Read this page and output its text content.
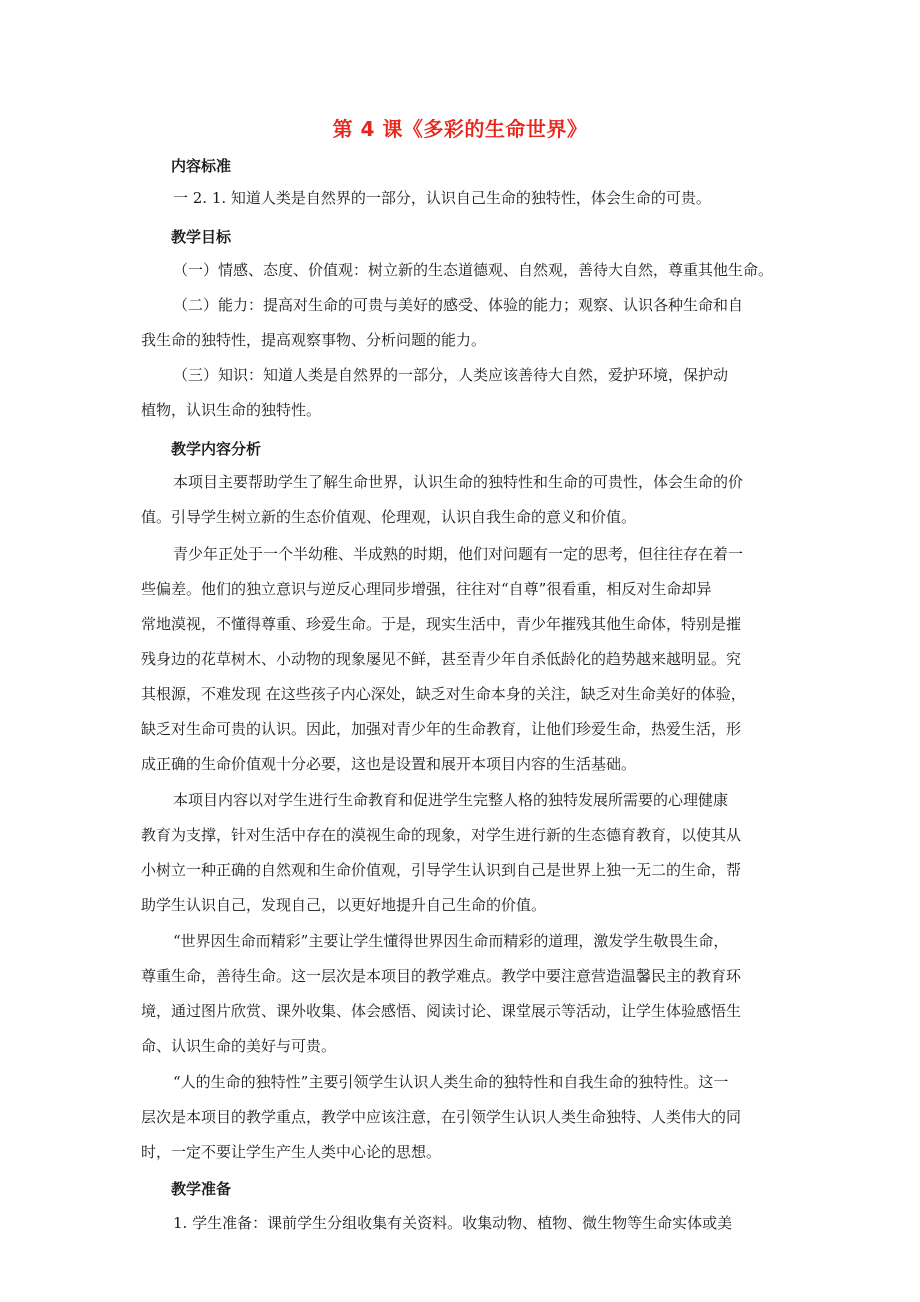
第 4 课《多彩的生命世界》
内容标准
一 2. 1. 知道人类是自然界的一部分，认识自己生命的独特性，体会生命的可贵。
教学目标
（一）情感、态度、价值观：树立新的生态道德观、自然观，善待大自然，尊重其他生命。
（二）能力：提高对生命的可贵与美好的感受、体验的能力；观察、认识各种生命和自
我生命的独特性，提高观察事物、分析问题的能力。
（三）知识：知道人类是自然界的一部分，人类应该善待大自然，爱护环境，保护动
植物，认识生命的独特性。
教学内容分析
本项目主要帮助学生了解生命世界，认识生命的独特性和生命的可贵性，体会生命的价
值。引导学生树立新的生态价值观、伦理观，认识自我生命的意义和价值。
青少年正处于一个半幼稚、半成熟的时期，他们对问题有一定的思考，但往往存在着一
些偏差。他们的独立意识与逆反心理同步增强，往往对“自尊”很看重，相反对生命却异
常地漠视，不懂得尊重、珍爱生命。于是，现实生活中，青少年摧残其他生命体，特别是摧
残身边的花草树木、小动物的现象屡见不鲜，甚至青少年自杀低龄化的趋势越来越明显。究
其根源，不难发现 在这些孩子内心深处，缺乏对生命本身的关注，缺乏对生命美好的体验，
缺乏对生命可贵的认识。因此，加强对青少年的生命教育，让他们珍爱生命，热爱生活，形
成正确的生命价值观十分必要，这也是设置和展开本项目内容的生活基础。
本项目内容以对学生进行生命教育和促进学生完整人格的独特发展所需要的心理健康
教育为支撑，针对生活中存在的漠视生命的现象，对学生进行新的生态德育教育，以使其从
小树立一种正确的自然观和生命价值观，引导学生认识到自己是世界上独一无二的生命，帮
助学生认识自己，发现自己，以更好地提升自己生命的价值。
“世界因生命而精彩”主要让学生懂得世界因生命而精彩的道理，激发学生敬畏生命，
尊重生命，善待生命。这一层次是本项目的教学难点。教学中要注意营造温馨民主的教育环
境，通过图片欣赏、课外收集、体会感悟、阅读讨论、课堂展示等活动，让学生体验感悟生
命、认识生命的美好与可贵。
“人的生命的独特性”主要引领学生认识人类生命的独特性和自我生命的独特性。这一
层次是本项目的教学重点，教学中应该注意，在引领学生认识人类生命独特、人类伟大的同
时，一定不要让学生产生人类中心论的思想。
教学准备
1. 学生准备：课前学生分组收集有关资料。收集动物、植物、微生物等生命实体或美
